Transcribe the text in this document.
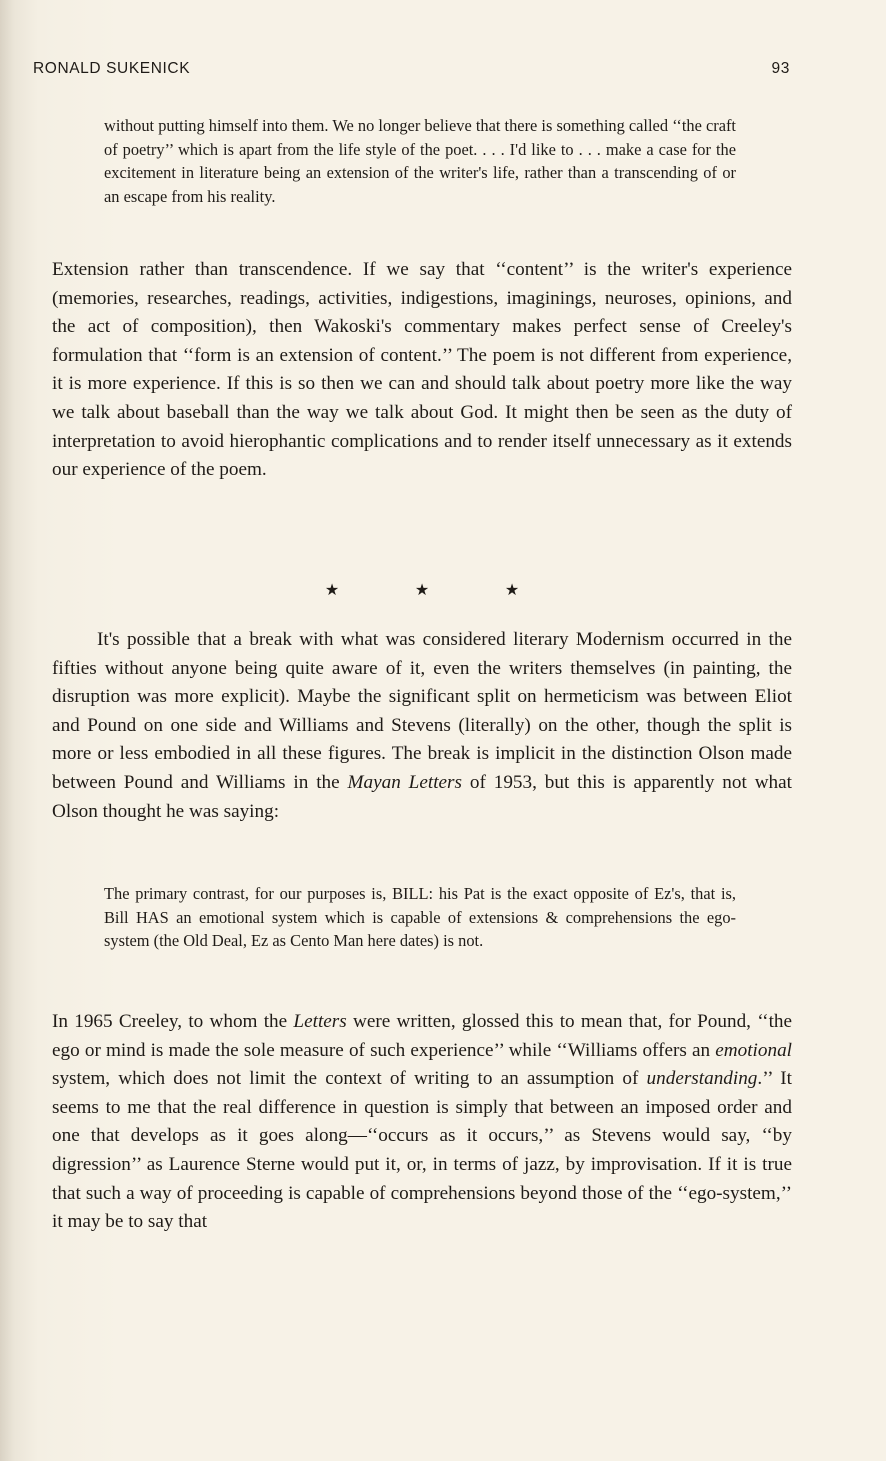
RONALD SUKENICK	93

without putting himself into them. We no longer believe that there is something called ‘‘the craft of poetry’’ which is apart from the life style of the poet. . . . I'd like to . . . make a case for the excitement in literature being an extension of the writer's life, rather than a transcending of or an escape from his reality.

Extension rather than transcendence. If we say that ‘‘content’’ is the writer's experience (memories, researches, readings, activities, indigestions, imaginings, neuroses, opinions, and the act of composition), then Wakoski's commentary makes perfect sense of Creeley's formulation that ‘‘form is an extension of content.’’ The poem is not different from experience, it is more experience. If this is so then we can and should talk about poetry more like the way we talk about baseball than the way we talk about God. It might then be seen as the duty of interpretation to avoid hierophantic complications and to render itself unnecessary as it extends our experience of the poem.

★	★	★

It's possible that a break with what was considered literary Modernism occurred in the fifties without anyone being quite aware of it, even the writers themselves (in painting, the disruption was more explicit). Maybe the significant split on hermeticism was between Eliot and Pound on one side and Williams and Stevens (literally) on the other, though the split is more or less embodied in all these figures. The break is implicit in the distinction Olson made between Pound and Williams in the Mayan Letters of 1953, but this is apparently not what Olson thought he was saying:

The primary contrast, for our purposes is, BILL: his Pat is the exact opposite of Ez's, that is, Bill HAS an emotional system which is capable of extensions & comprehensions the ego-system (the Old Deal, Ez as Cento Man here dates) is not.

In 1965 Creeley, to whom the Letters were written, glossed this to mean that, for Pound, ‘‘the ego or mind is made the sole measure of such experience’’ while ‘‘Williams offers an emotional system, which does not limit the context of writing to an assumption of understanding.’’ It seems to me that the real difference in question is simply that between an imposed order and one that develops as it goes along—‘‘occurs as it occurs,’’ as Stevens would say, ‘‘by digression’’ as Laurence Sterne would put it, or, in terms of jazz, by improvisation. If it is true that such a way of proceeding is capable of comprehensions beyond those of the ‘‘ego-system,’’ it may be to say that
